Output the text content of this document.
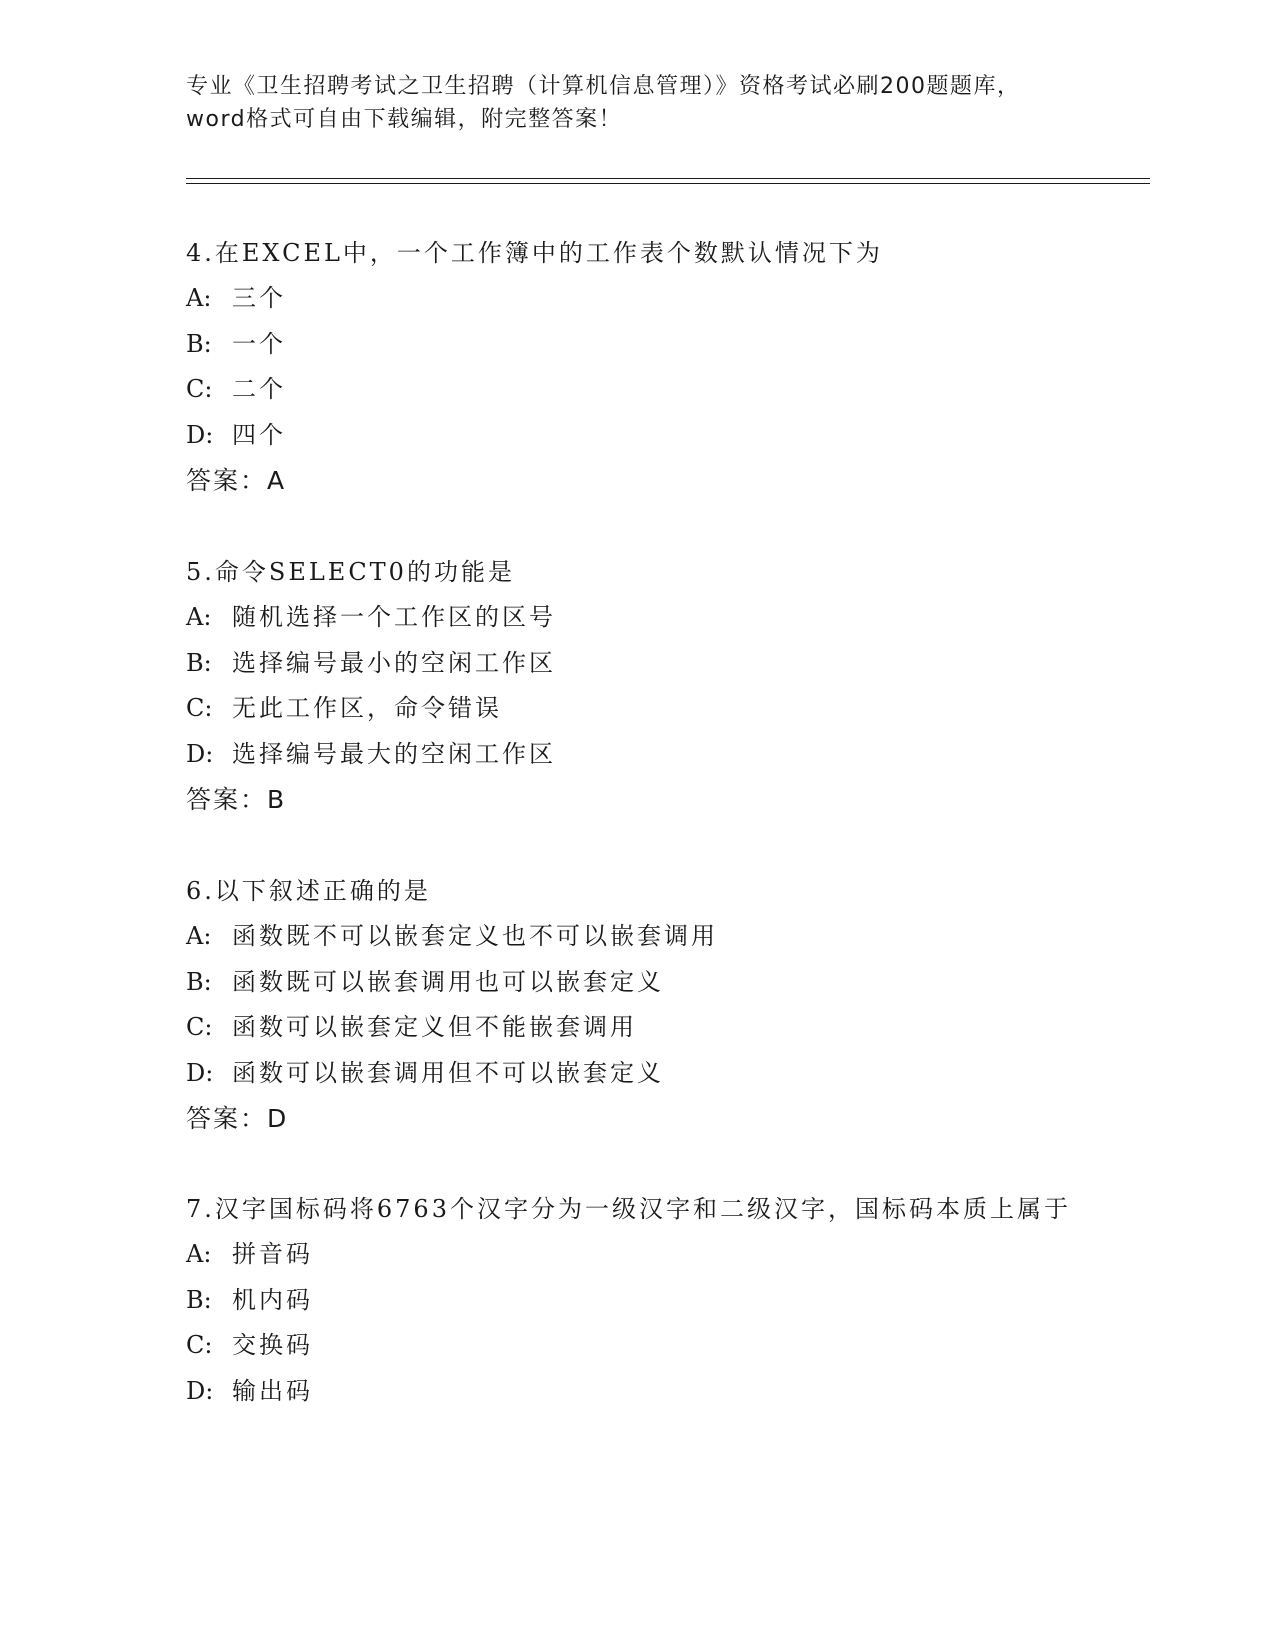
专业《卫生招聘考试之卫生招聘（计算机信息管理）》资格考试必刷200题题库，
word格式可自由下载编辑，附完整答案！
4.在EXCEL中，一个工作簿中的工作表个数默认情况下为
A: 三个
B: 一个
C: 二个
D: 四个
答案：A
5.命令SELECT0的功能是
A: 随机选择一个工作区的区号
B: 选择编号最小的空闲工作区
C: 无此工作区，命令错误
D: 选择编号最大的空闲工作区
答案：B
6.以下叙述正确的是
A: 函数既不可以嵌套定义也不可以嵌套调用
B: 函数既可以嵌套调用也可以嵌套定义
C: 函数可以嵌套定义但不能嵌套调用
D: 函数可以嵌套调用但不可以嵌套定义
答案：D
7.汉字国标码将6763个汉字分为一级汉字和二级汉字，国标码本质上属于
A: 拼音码
B: 机内码
C: 交换码
D: 输出码
